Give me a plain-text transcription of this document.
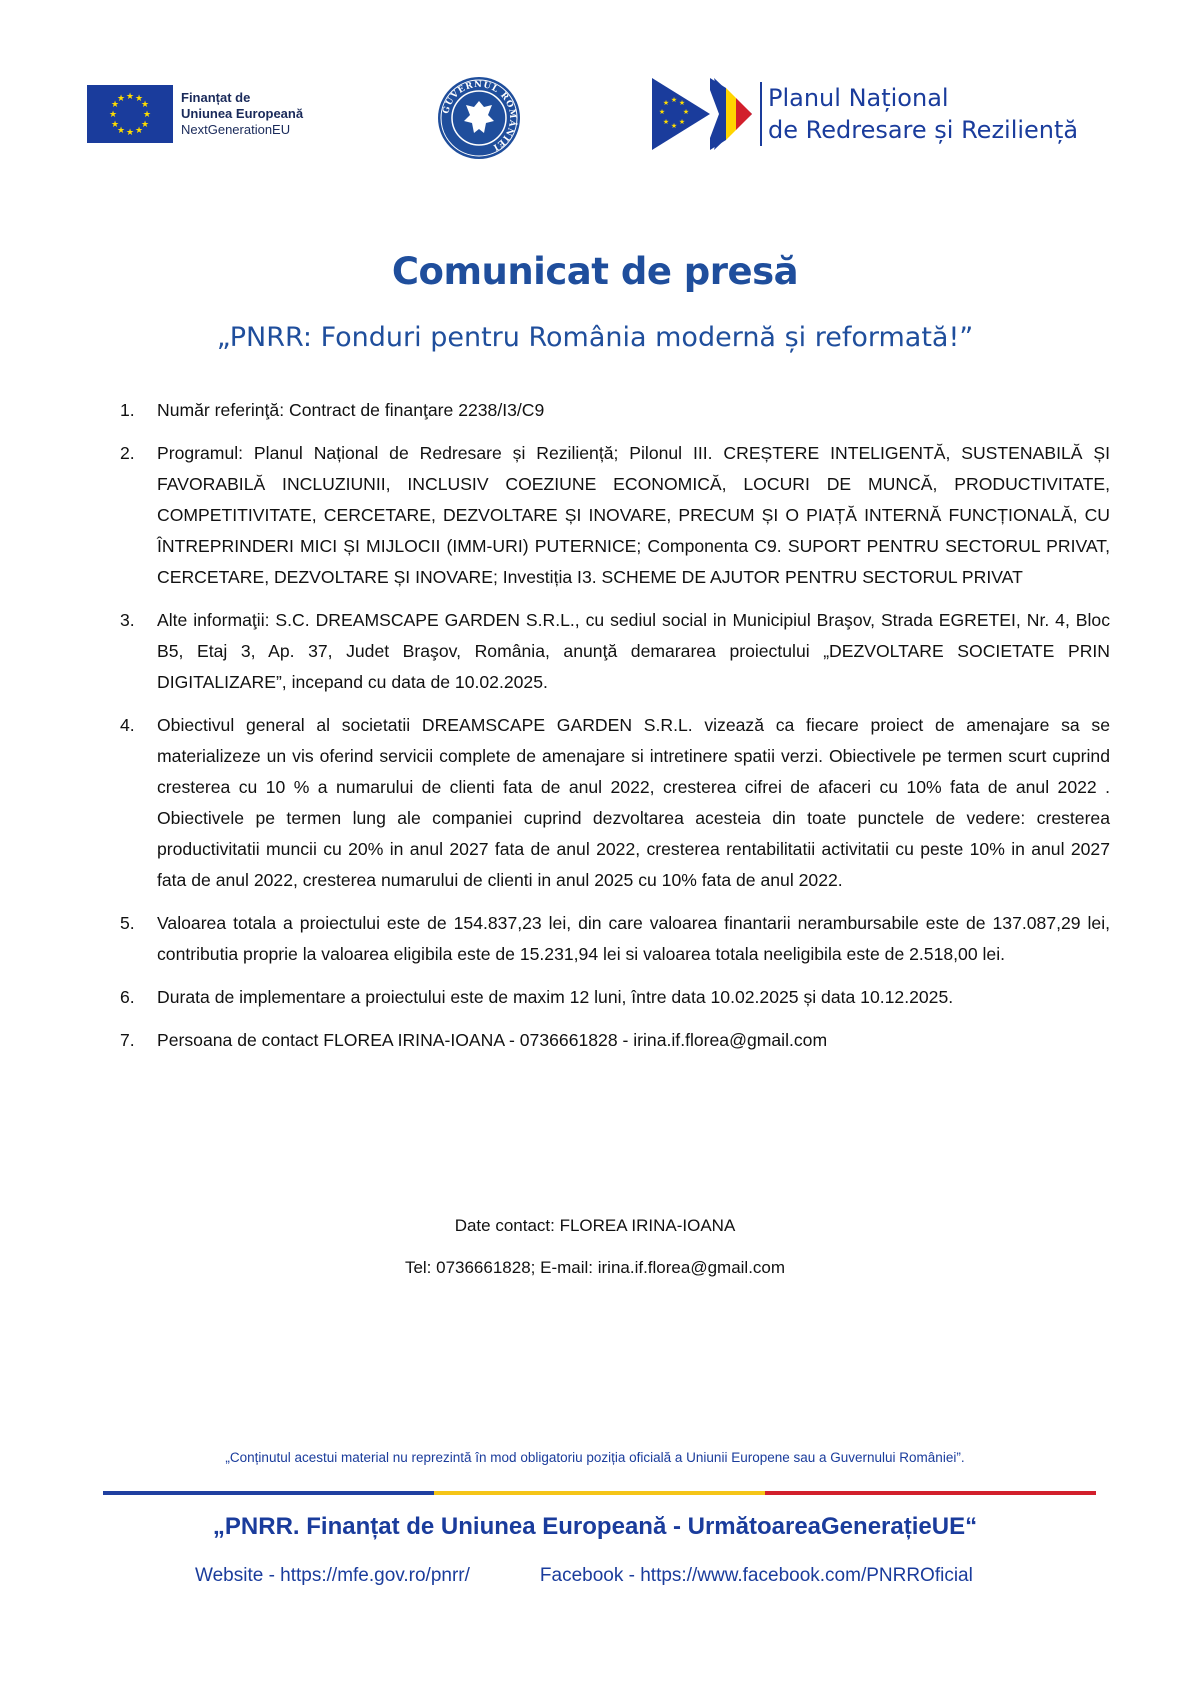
★ ★
★
★
★
★
★
★
★
★
★
★	Finanțat de
Uniunea Europeană
NextGenerationEU
GUVERNUL ROMÂNIEI
★ ★
★
★
★
★
★
★	Planul Național
de Redresare și Reziliență
Comunicat de presă
„PNRR: Fonduri pentru România modernă și reformată!”
1.	Număr referinţă: Contract de finanţare 2238/I3/C9
2.	Programul: Planul Național de Redresare și Reziliență; Pilonul III. CREȘTERE INTELIGENTĂ, SUSTENABILĂ ȘI FAVORABILĂ INCLUZIUNII, INCLUSIV COEZIUNE ECONOMICĂ, LOCURI DE MUNCĂ, PRODUCTIVITATE, COMPETITIVITATE, CERCETARE, DEZVOLTARE ȘI INOVARE, PRECUM ȘI O PIAȚĂ INTERNĂ FUNCȚIONALĂ, CU ÎNTREPRINDERI MICI ȘI MIJLOCII (IMM-URI) PUTERNICE; Componenta C9. SUPORT PENTRU SECTORUL PRIVAT, CERCETARE, DEZVOLTARE ȘI INOVARE; Investiția I3. SCHEME DE AJUTOR PENTRU SECTORUL PRIVAT
3.	Alte informaţii: S.C. DREAMSCAPE GARDEN S.R.L., cu sediul social in Municipiul Braşov, Strada EGRETEI, Nr. 4, Bloc B5, Etaj 3, Ap. 37, Judet Braşov, România, anunţă demararea proiectului „DEZVOLTARE SOCIETATE PRIN DIGITALIZARE”, incepand cu data de 10.02.2025.
4.	Obiectivul general al societatii DREAMSCAPE GARDEN S.R.L. vizează ca fiecare proiect de amenajare sa se materializeze un vis oferind servicii complete de amenajare si intretinere spatii verzi. Obiectivele pe termen scurt cuprind cresterea cu 10 % a numarului de clienti fata de anul 2022, cresterea cifrei de afaceri cu 10% fata de anul 2022 . Obiectivele pe termen lung ale companiei cuprind dezvoltarea acesteia din toate punctele de vedere: cresterea productivitatii muncii cu 20% in anul 2027 fata de anul 2022, cresterea rentabilitatii activitatii cu peste 10% in anul 2027 fata de anul 2022, cresterea numarului de clienti in anul 2025 cu 10% fata de anul 2022.
5.	Valoarea totala a proiectului este de 154.837,23 lei, din care valoarea finantarii nerambursabile este de 137.087,29 lei, contributia proprie la valoarea eligibila este de 15.231,94 lei si valoarea totala neeligibila este de 2.518,00 lei.
6.	Durata de implementare a proiectului este de maxim 12 luni, între data 10.02.2025 și data 10.12.2025.
7.	Persoana de contact FLOREA IRINA-IOANA - 0736661828 - irina.if.florea@gmail.com
Date contact: FLOREA IRINA-IOANA
Tel: 0736661828; E-mail: irina.if.florea@gmail.com
„Conținutul acestui material nu reprezintă în mod obligatoriu poziția oficială a Uniunii Europene sau a Guvernului României”.
„PNRR. Finanțat de Uniunea Europeană - UrmătoareaGenerațieUE“
Website - https://mfe.gov.ro/pnrr/	Facebook - https://www.facebook.com/PNRROficial
